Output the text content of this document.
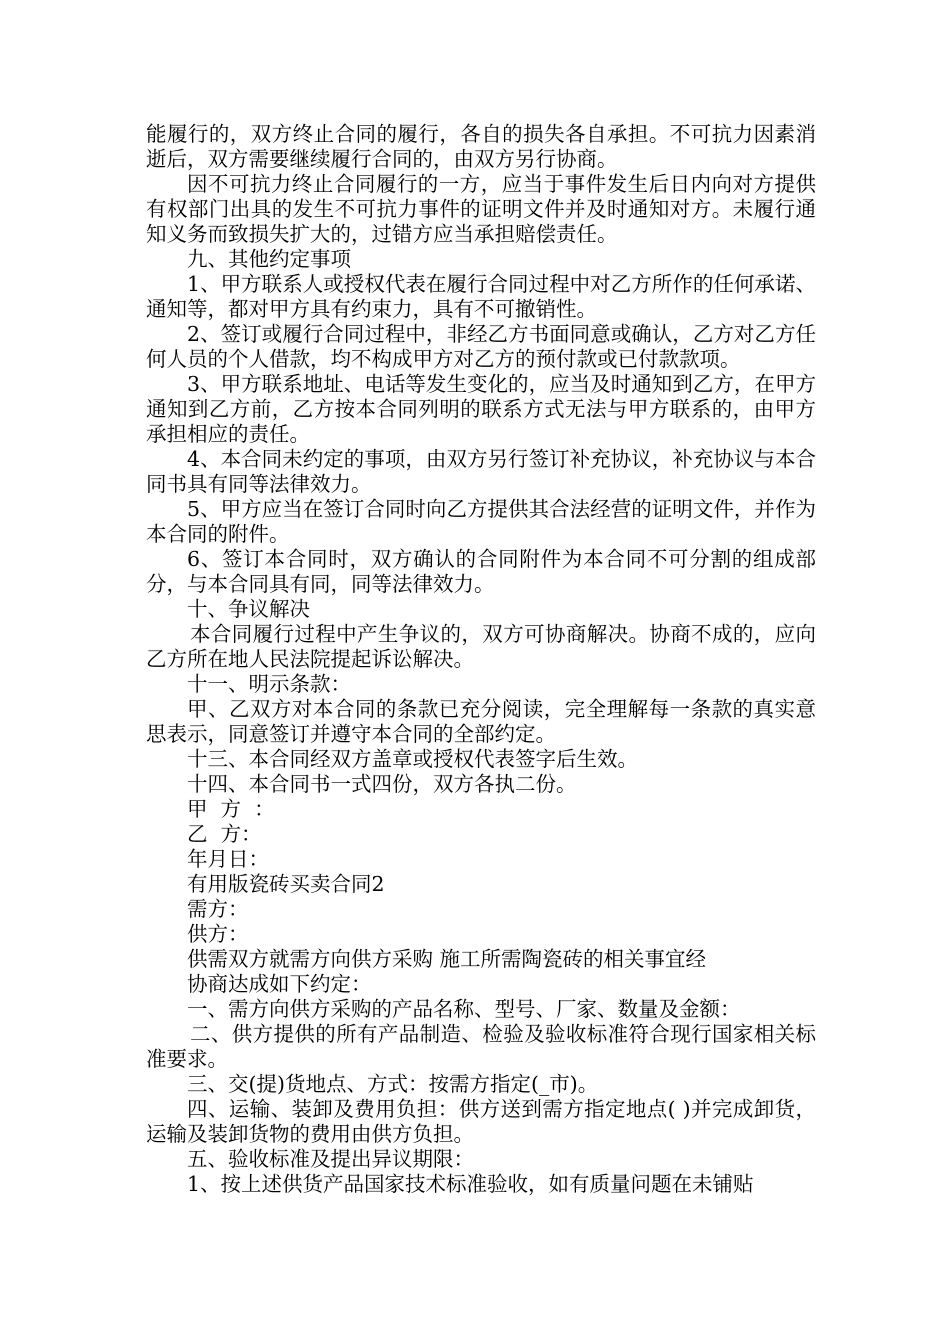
能履行的，双方终止合同的履行，各自的损失各自承担。不可抗力因素消逝后，双方需要继续履行合同的，由双方另行协商。

因不可抗力终止合同履行的一方，应当于事件发生后日内向对方提供有权部门出具的发生不可抗力事件的证明文件并及时通知对方。未履行通知义务而致损失扩大的，过错方应当承担赔偿责任。

九、其他约定事项

1、甲方联系人或授权代表在履行合同过程中对乙方所作的任何承诺、通知等，都对甲方具有约束力，具有不可撤销性。

2、签订或履行合同过程中，非经乙方书面同意或确认，乙方对乙方任何人员的个人借款，均不构成甲方对乙方的预付款或已付款款项。

3、甲方联系地址、电话等发生变化的，应当及时通知到乙方，在甲方通知到乙方前，乙方按本合同列明的联系方式无法与甲方联系的，由甲方承担相应的责任。

4、本合同未约定的事项，由双方另行签订补充协议，补充协议与本合同书具有同等法律效力。

5、甲方应当在签订合同时向乙方提供其合法经营的证明文件，并作为本合同的附件。

6、签订本合同时，双方确认的合同附件为本合同不可分割的组成部分，与本合同具有同，同等法律效力。

十、争议解决

本合同履行过程中产生争议的，双方可协商解决。协商不成的，应向乙方所在地人民法院提起诉讼解决。

十一、明示条款：

甲、乙双方对本合同的条款已充分阅读，完全理解每一条款的真实意思表示，同意签订并遵守本合同的全部约定。

十三、本合同经双方盖章或授权代表签字后生效。

十四、本合同书一式四份，双方各执二份。

甲  方  ：

乙  方：

年月日：

有用版瓷砖买卖合同2

需方：

供方：

供需双方就需方向供方采购 施工所需陶瓷砖的相关事宜经

协商达成如下约定：

一、需方向供方采购的产品名称、型号、厂家、数量及金额：

二、供方提供的所有产品制造、检验及验收标准符合现行国家相关标准要求。

三、交(提)货地点、方式：按需方指定(_市)。

四、运输、装卸及费用负担：供方送到需方指定地点( )并完成卸货，运输及装卸货物的费用由供方负担。

五、验收标准及提出异议期限：

1、按上述供货产品国家技术标准验收，如有质量问题在未铺贴
